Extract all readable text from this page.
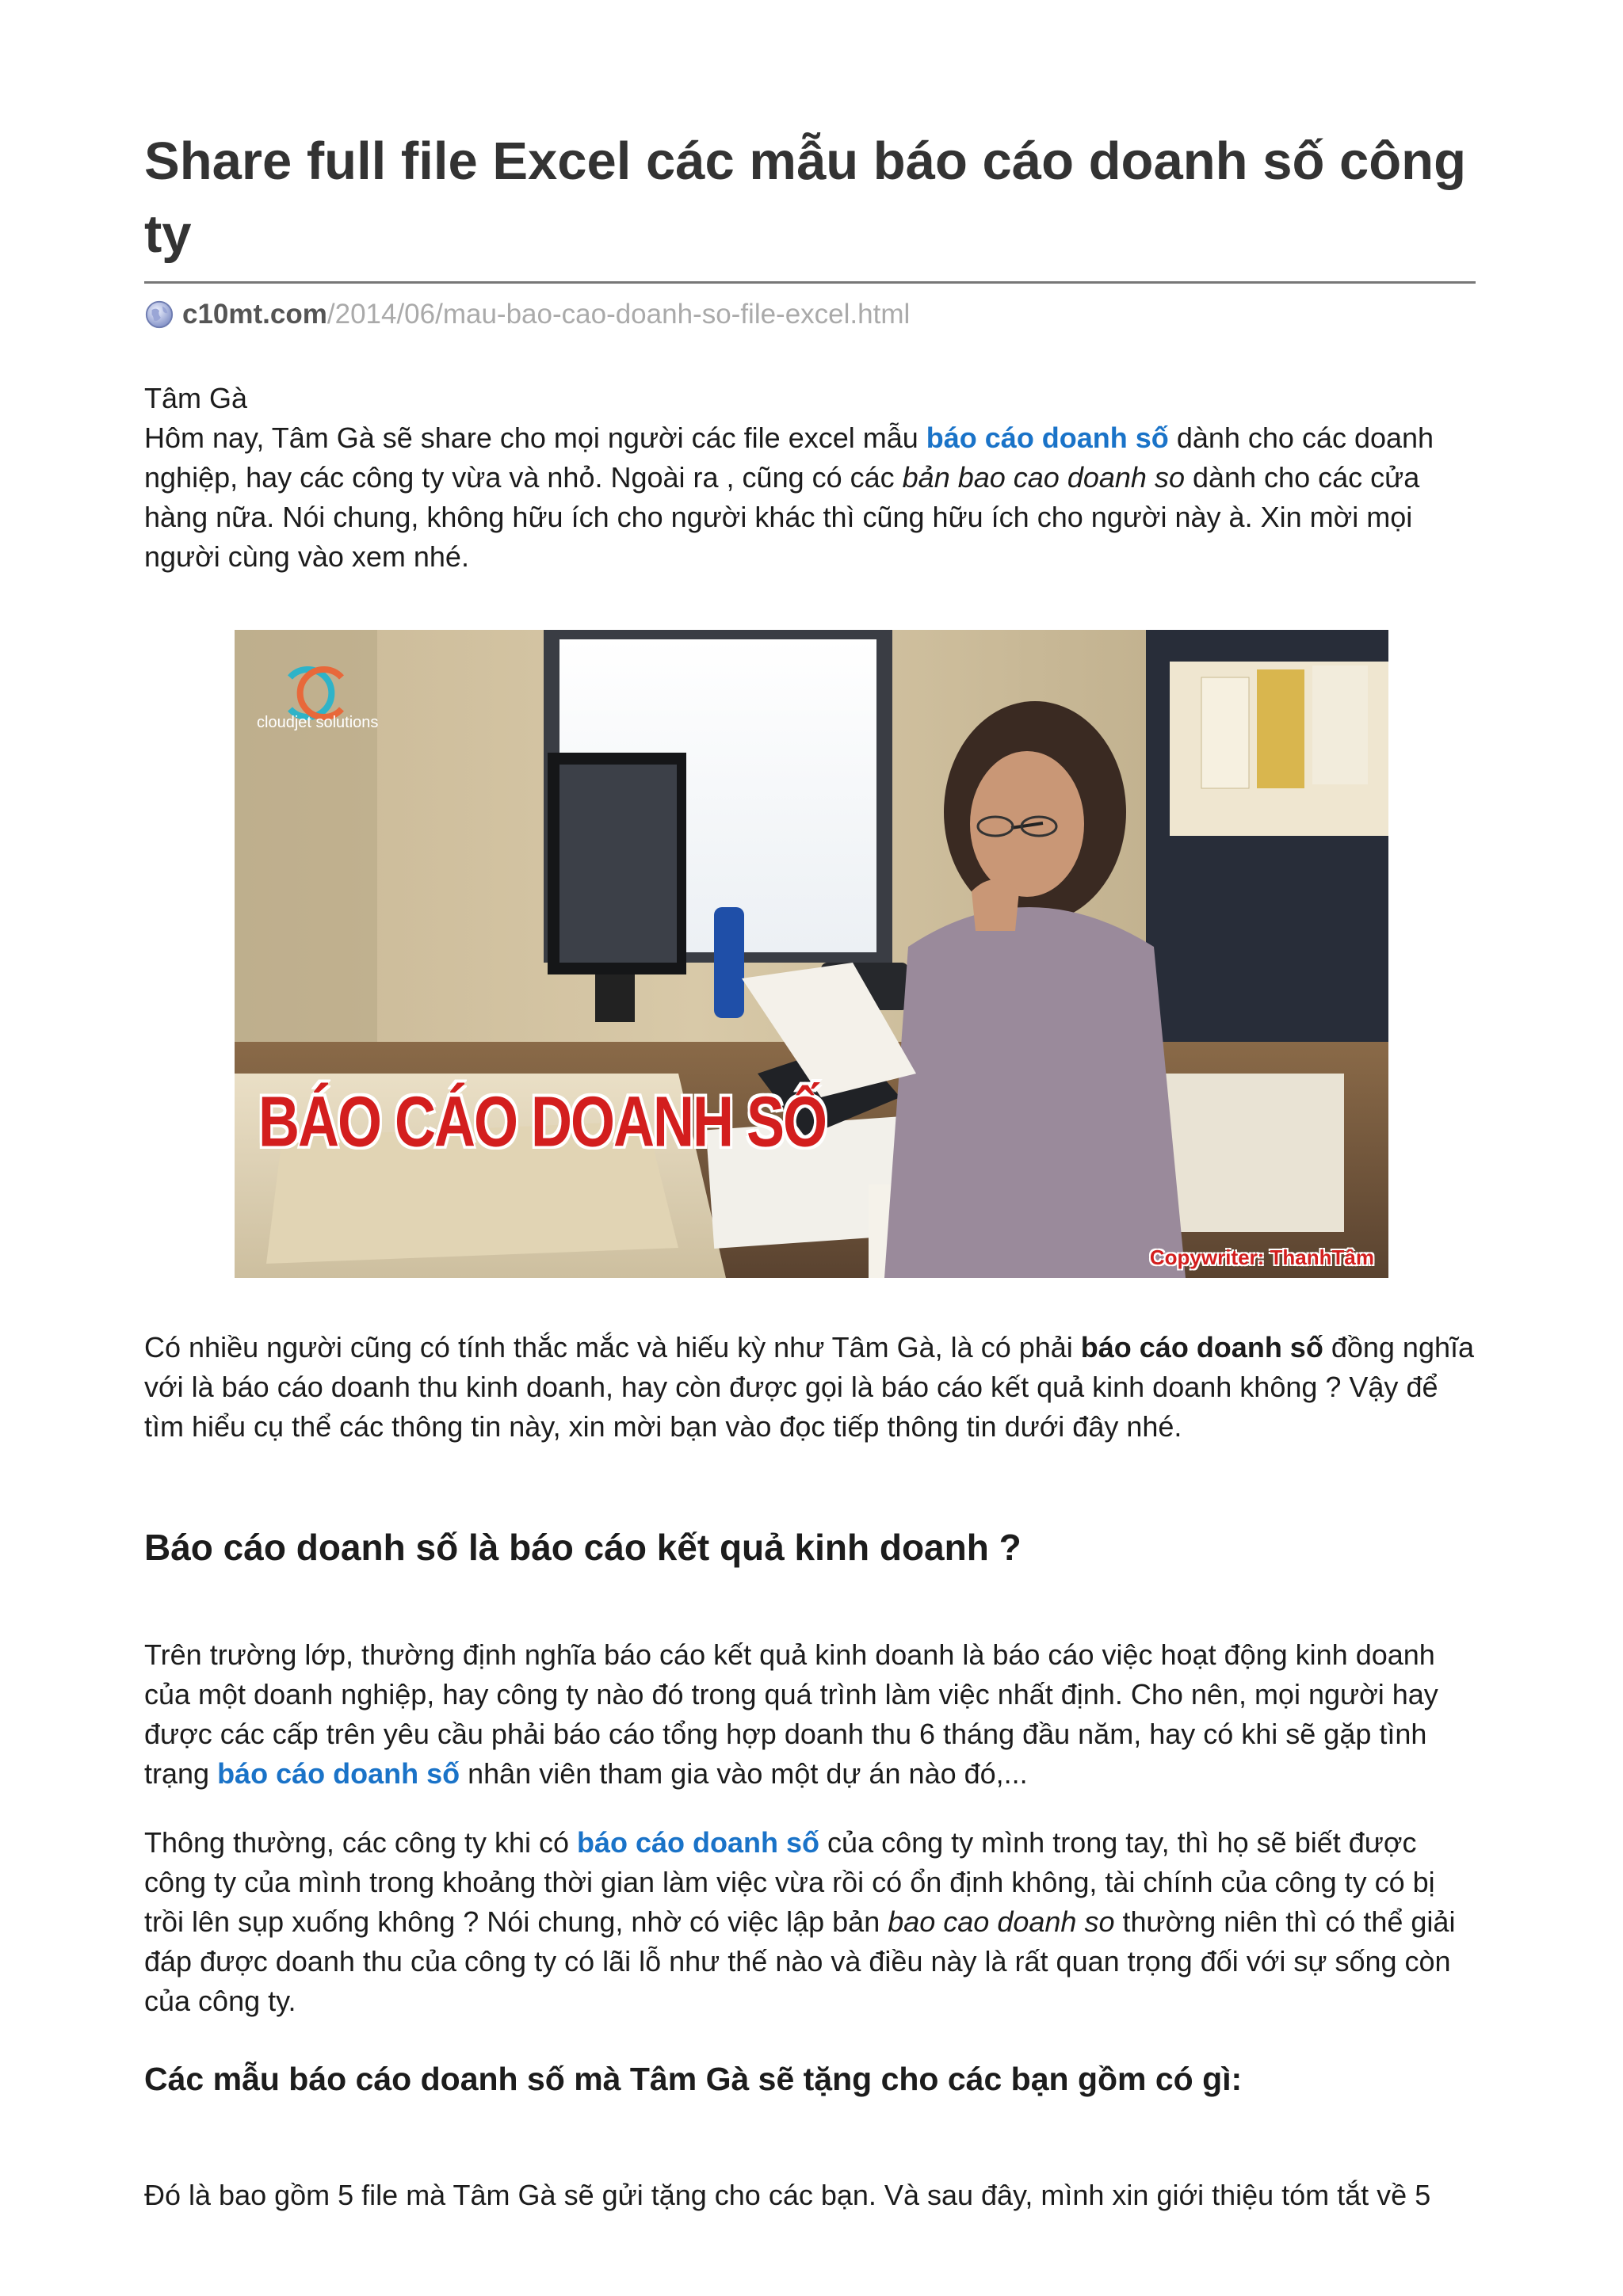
Share full file Excel các mẫu báo cáo doanh số công ty
c10mt.com /2014/06/mau-bao-cao-doanh-so-file-excel.html

Tâm Gà

Hôm nay, Tâm Gà sẽ share cho mọi người các file excel mẫu báo cáo doanh số dành cho các doanh nghiệp, hay các công ty vừa và nhỏ. Ngoài ra , cũng có các bản bao cao doanh so dành cho các cửa hàng nữa. Nói chung, không hữu ích cho người khác thì cũng hữu ích cho người này à. Xin mời mọi người cùng vào xem nhé.

cloudjet solutions
BÁO CÁO DOANH SỐ
Copywriter: ThanhTâm

Có nhiều người cũng có tính thắc mắc và hiếu kỳ như Tâm Gà, là có phải báo cáo doanh số đồng nghĩa với là báo cáo doanh thu kinh doanh, hay còn được gọi là báo cáo kết quả kinh doanh không ? Vậy để tìm hiểu cụ thể các thông tin này, xin mời bạn vào đọc tiếp thông tin dưới đây nhé.

Báo cáo doanh số là báo cáo kết quả kinh doanh ?

Trên trường lớp, thường định nghĩa báo cáo kết quả kinh doanh là báo cáo việc hoạt động kinh doanh của một doanh nghiệp, hay công ty nào đó trong quá trình làm việc nhất định. Cho nên, mọi người hay được các cấp trên yêu cầu phải báo cáo tổng hợp doanh thu 6 tháng đầu năm, hay có khi sẽ gặp tình trạng báo cáo doanh số nhân viên tham gia vào một dự án nào đó,...

Thông thường, các công ty khi có báo cáo doanh số của công ty mình trong tay, thì họ sẽ biết được công ty của mình trong khoảng thời gian làm việc vừa rồi có ổn định không, tài chính của công ty có bị trồi lên sụp xuống không ? Nói chung, nhờ có việc lập bản bao cao doanh so thường niên thì có thể giải đáp được doanh thu của công ty có lãi lỗ như thế nào và điều này là rất quan trọng đối với sự sống còn của công ty.

Các mẫu báo cáo doanh số mà Tâm Gà sẽ tặng cho các bạn gồm có gì:

Đó là bao gồm 5 file mà Tâm Gà sẽ gửi tặng cho các bạn. Và sau đây, mình xin giới thiệu tóm tắt về 5
